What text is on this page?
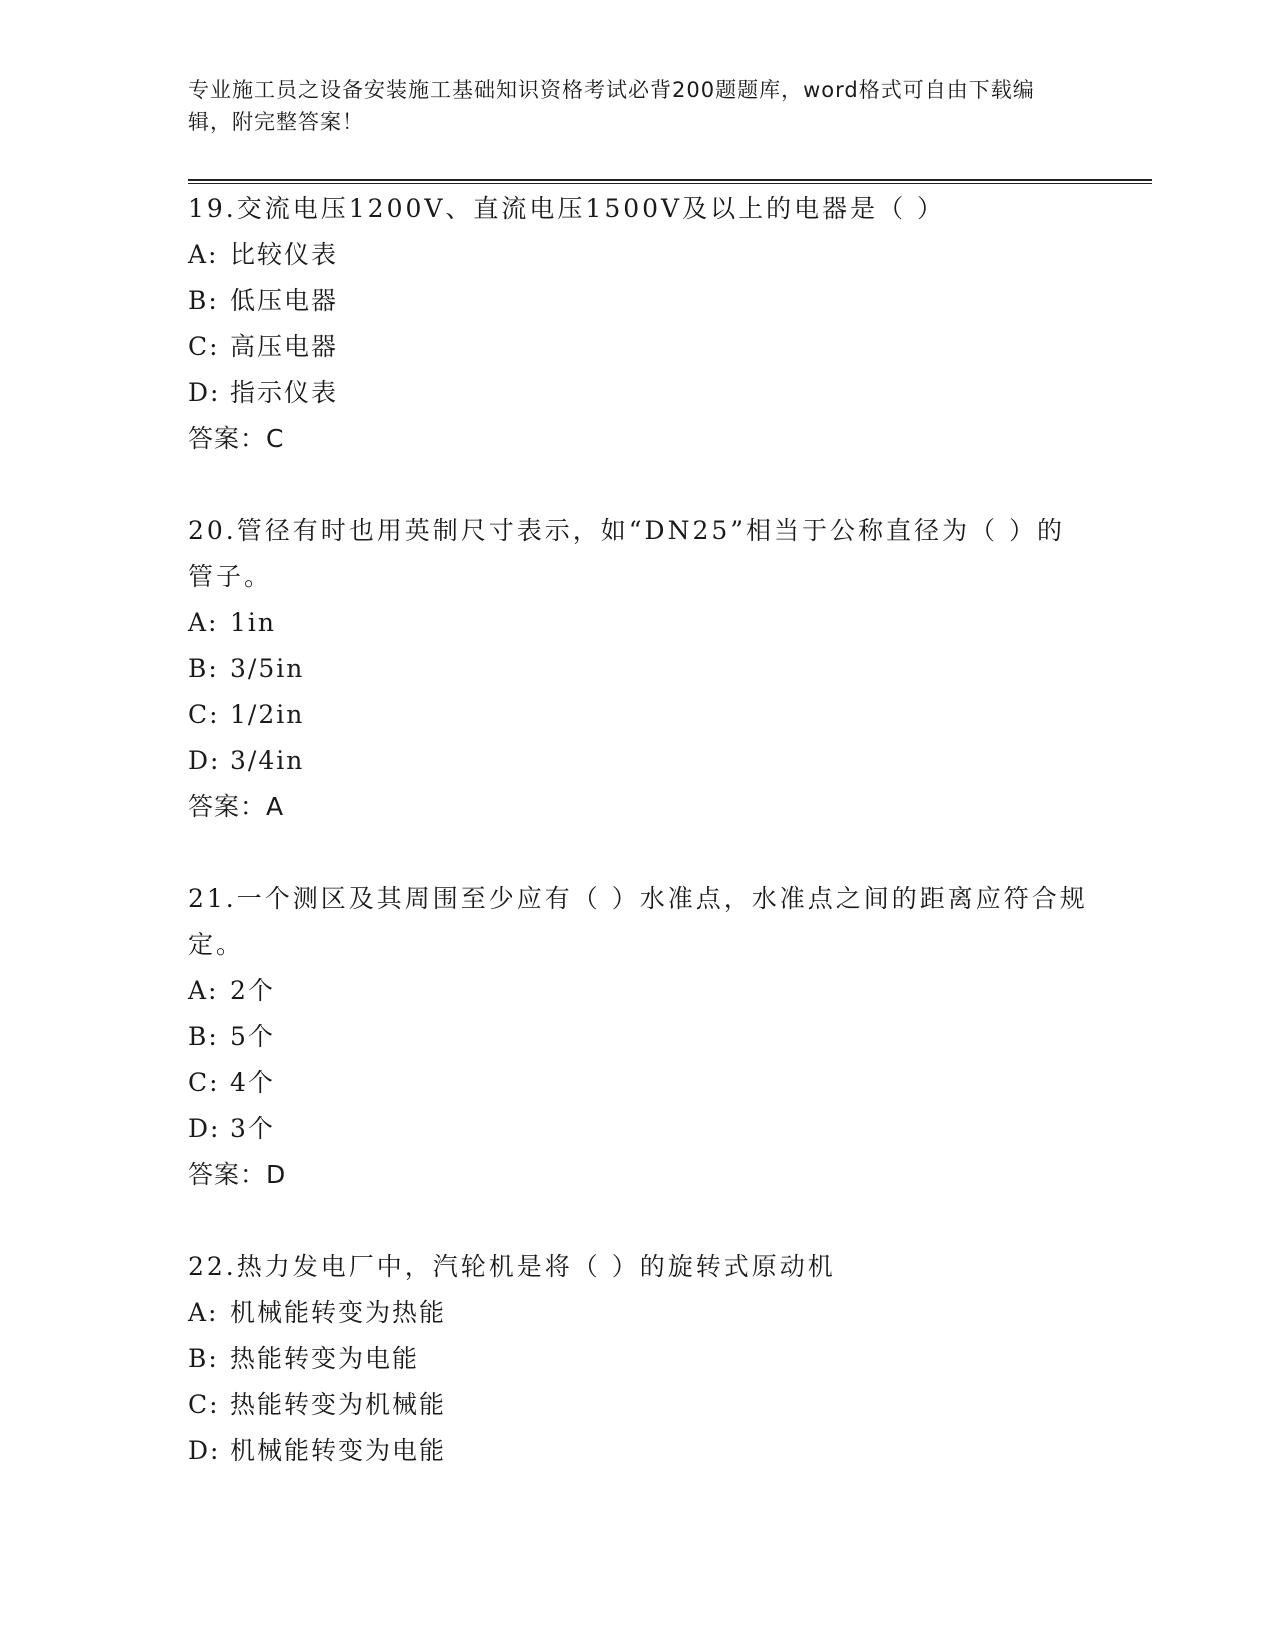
专业施工员之设备安装施工基础知识资格考试必背200题题库，word格式可自由下载编辑，附完整答案！

19.交流电压1200V、直流电压1500V及以上的电器是（ ）

A: 比较仪表

B: 低压电器

C: 高压电器

D: 指示仪表

答案：C

20.管径有时也用英制尺寸表示，如“DN25”相当于公称直径为（ ）的管子。

A: 1in

B: 3/5in

C: 1/2in

D: 3/4in

答案：A

21.一个测区及其周围至少应有（ ）水准点，水准点之间的距离应符合规定。

A: 2个

B: 5个

C: 4个

D: 3个

答案：D

22.热力发电厂中，汽轮机是将（ ）的旋转式原动机

A: 机械能转变为热能

B: 热能转变为电能

C: 热能转变为机械能

D: 机械能转变为电能
